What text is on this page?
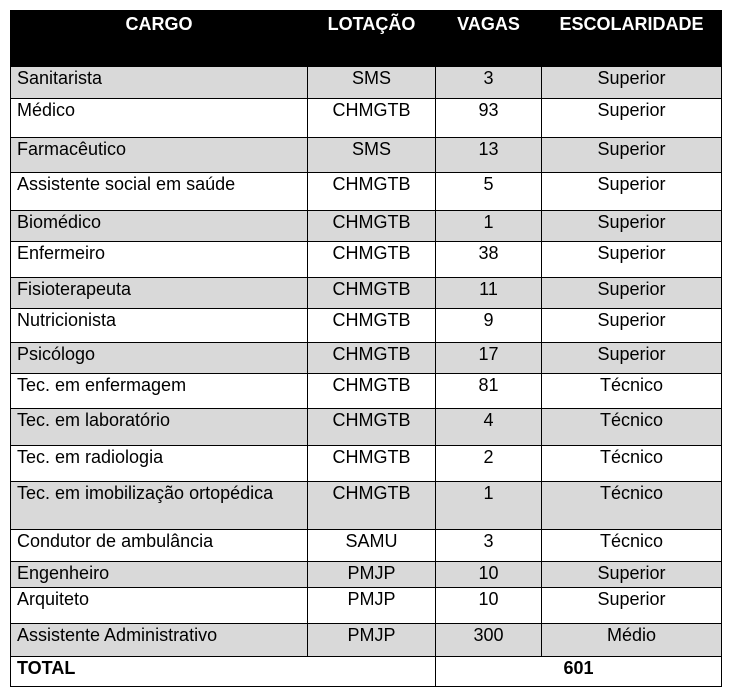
CARGO	LOTAÇÃO	VAGAS	ESCOLARIDADE
Sanitarista	SMS	3	Superior
Médico	CHMGTB	93	Superior
Farmacêutico	SMS	13	Superior
Assistente social em saúde	CHMGTB	5	Superior
Biomédico	CHMGTB	1	Superior
Enfermeiro	CHMGTB	38	Superior
Fisioterapeuta	CHMGTB	11	Superior
Nutricionista	CHMGTB	9	Superior
Psicólogo	CHMGTB	17	Superior
Tec. em enfermagem	CHMGTB	81	Técnico
Tec. em laboratório	CHMGTB	4	Técnico
Tec. em radiologia	CHMGTB	2	Técnico
Tec. em imobilização ortopédica	CHMGTB	1	Técnico
Condutor de ambulância	SAMU	3	Técnico
Engenheiro	PMJP	10	Superior
Arquiteto	PMJP	10	Superior
Assistente Administrativo	PMJP	300	Médio
TOTAL		601	
